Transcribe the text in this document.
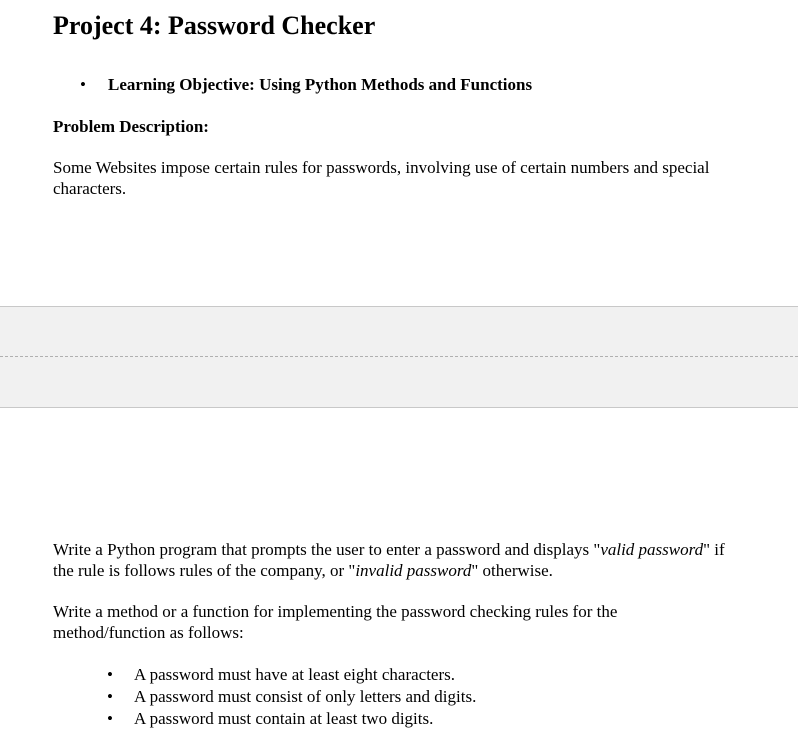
Project 4: Password Checker
• Learning Objective: Using Python Methods and Functions

Problem Description:

Some Websites impose certain rules for passwords, involving use of certain numbers and special characters.

Write a Python program that prompts the user to enter a password and displays "valid password" if the rule is follows rules of the company, or "invalid password" otherwise.

Write a method or a function for implementing the password checking rules for the method/function as follows:

• A password must have at least eight characters.
• A password must consist of only letters and digits.
• A password must contain at least two digits.
